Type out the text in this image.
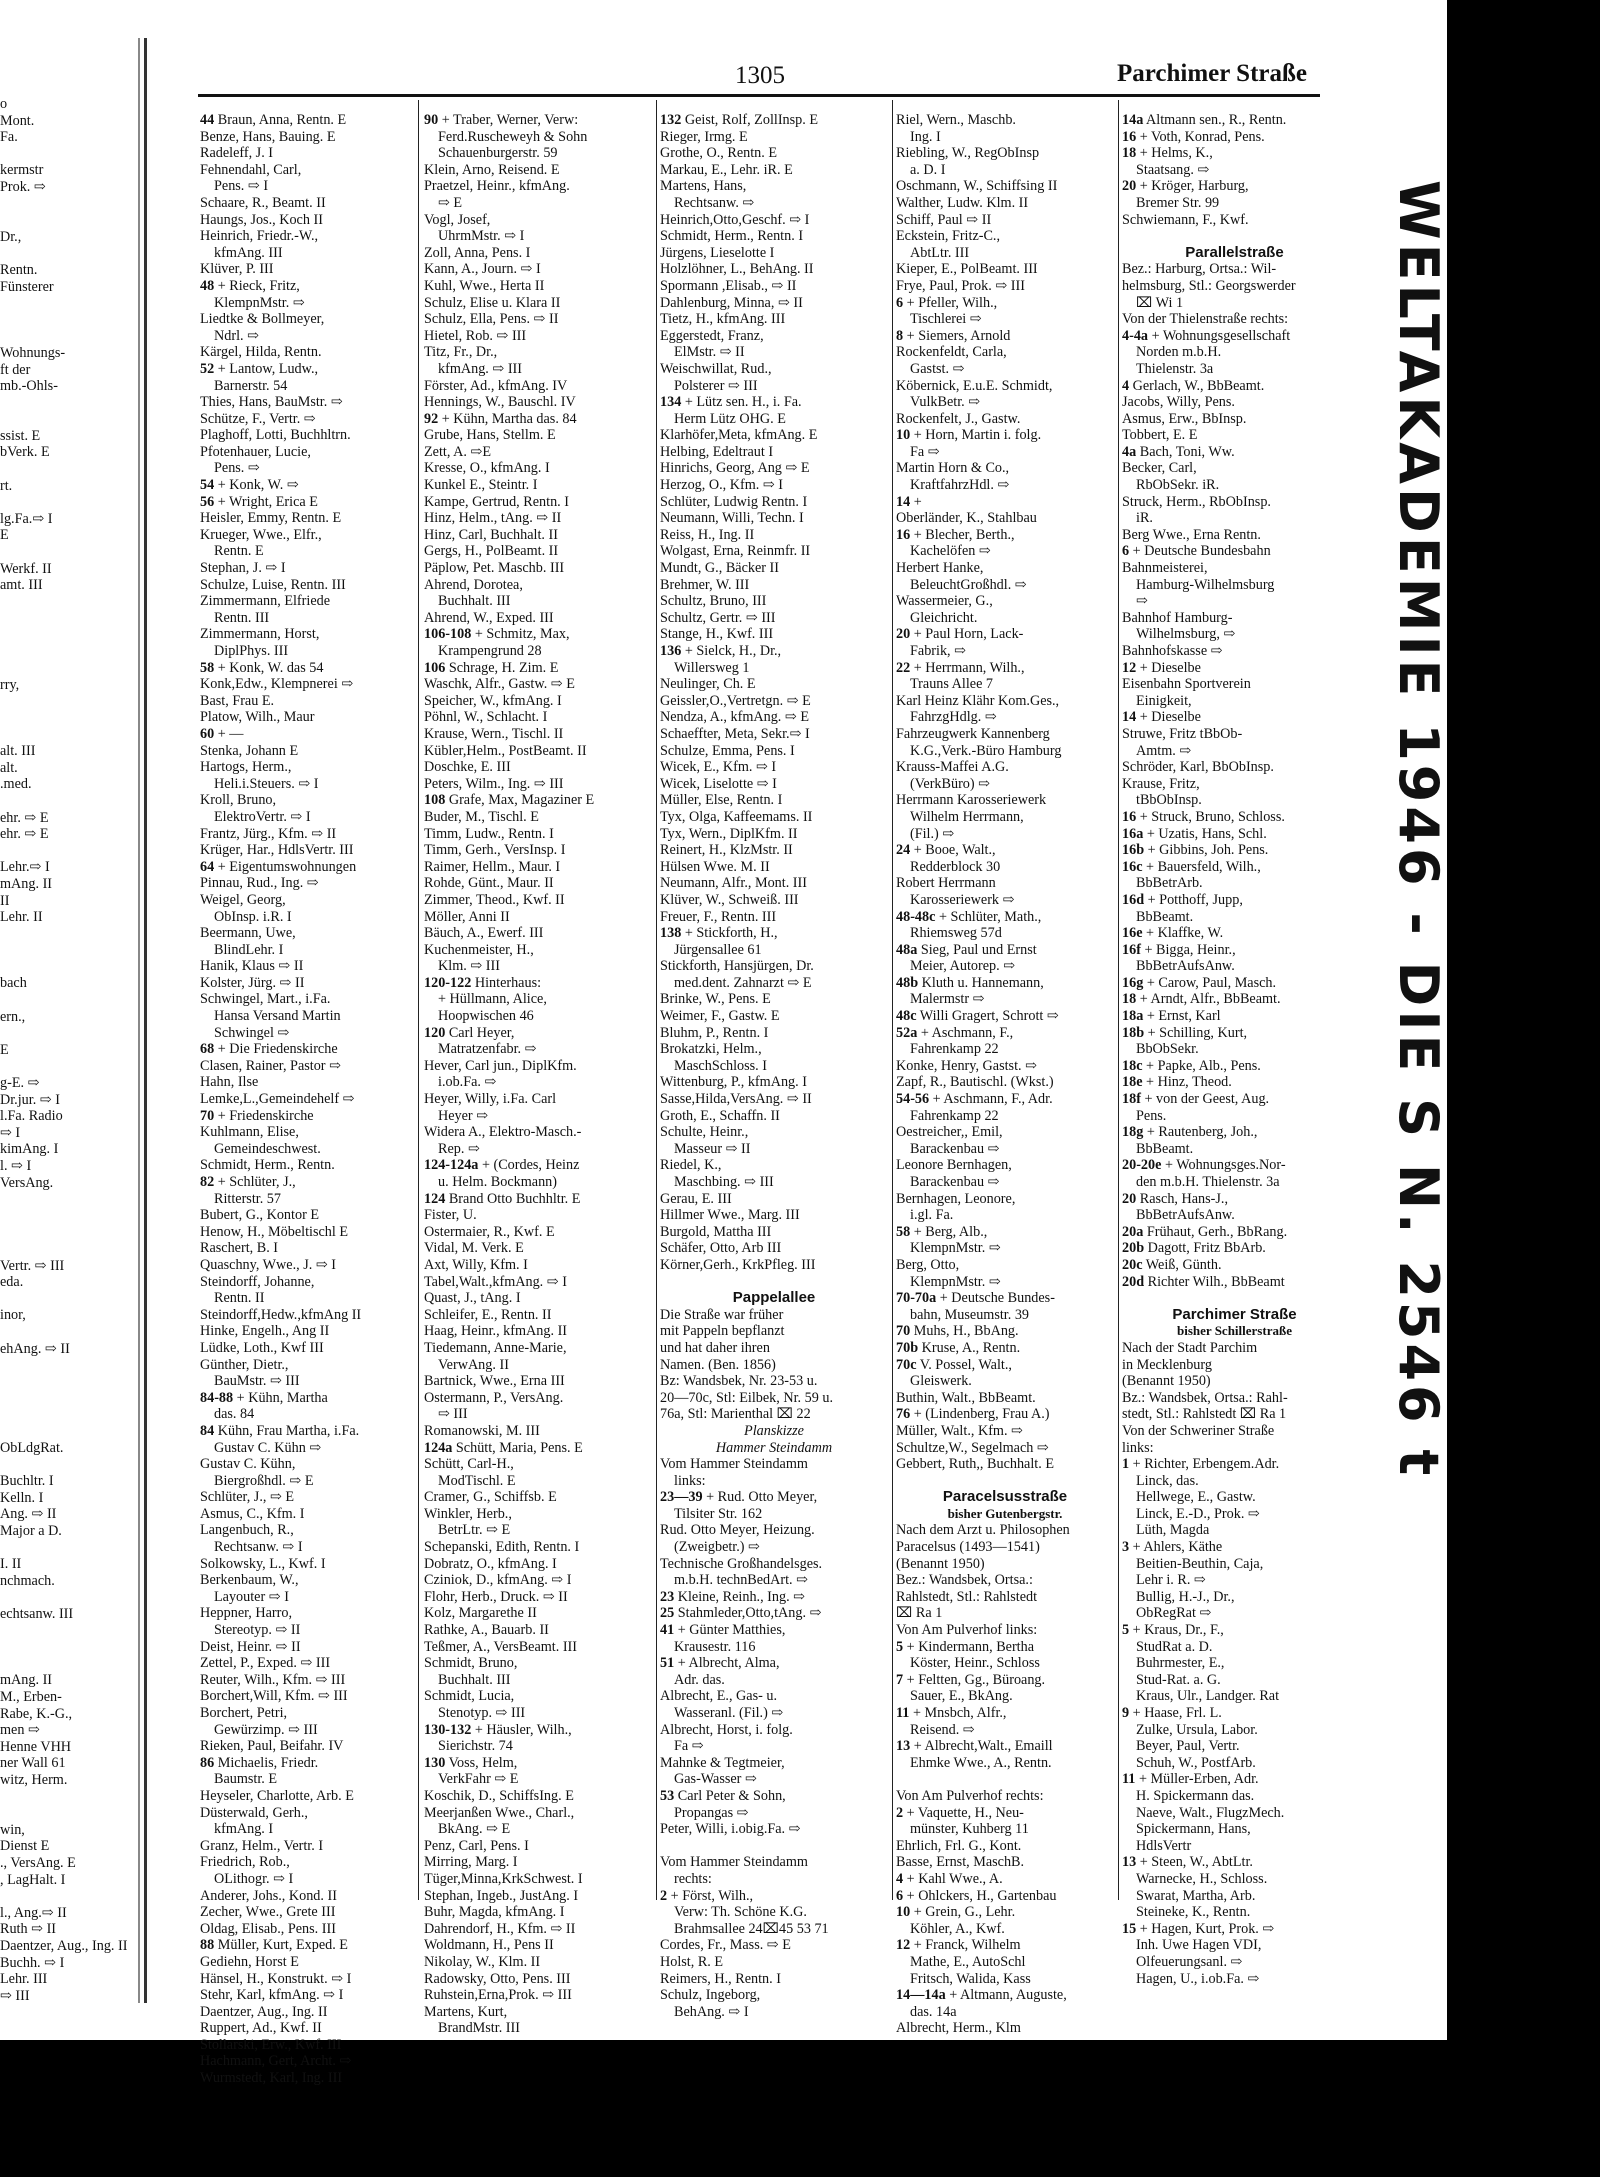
o
Mont.
Fa.
kermstr
Prok. ⇨
Dr.,
Rentn.
Fünsterer
Wohnungs-
ft der
mb.-Ohls-
ssist. E
bVerk. E
rt.
lg.Fa.⇨ I
E
Werkf. II
amt. III
rry,
alt. III
alt.
.med.
ehr. ⇨ E
ehr. ⇨ E
Lehr.⇨ I
mAng. II
II
Lehr. II
bach
ern.,
E
g-E. ⇨
Dr.jur. ⇨ I
l.Fa. Radio
⇨ I
kimAng. I
l. ⇨ I
VersAng.
Vertr. ⇨ III
eda.
inor,
ehAng. ⇨ II
ObLdgRat.
Buchltr. I
Kelln. I
Ang. ⇨ II
Major a D.
I. II
nchmach.
echtsanw. III
mAng. II
M., Erben-
Rabe, K.-G.,
men ⇨
Henne VHH
ner Wall 61
witz, Herm.
win,
Dienst E
., VersAng. E
, LagHalt. I
l., Ang.⇨ II
Ruth ⇨ II
Daentzer, Aug., Ing. II
Buchh. ⇨ I
Lehr. III
⇨ III
1305	Parchimer Straße
44 Braun, Anna, Rentn. E
Benze, Hans, Bauing. E
Radeleff, J. I
Fehnendahl, Carl,
Pens. ⇨ I
Schaare, R., Beamt. II
Haungs, Jos., Koch II
Heinrich, Friedr.-W.,
kfmAng. III
Klüver, P. III
48 + Rieck, Fritz,
KlempnMstr. ⇨
Liedtke & Bollmeyer,
Ndrl. ⇨
Kärgel, Hilda, Rentn.
52 + Lantow, Ludw.,
Barnerstr. 54
Thies, Hans, BauMstr. ⇨
Schütze, F., Vertr. ⇨
Plaghoff, Lotti, Buchhltrn.
Pfotenhauer, Lucie,
Pens. ⇨
54 + Konk, W. ⇨
56 + Wright, Erica E
Heisler, Emmy, Rentn. E
Krueger, Wwe., Elfr.,
Rentn. E
Stephan, J. ⇨ I
Schulze, Luise, Rentn. III
Zimmermann, Elfriede
Rentn. III
Zimmermann, Horst,
DiplPhys. III
58 + Konk, W. das 54
Konk,Edw., Klempnerei ⇨
Bast, Frau E.
Platow, Wilh., Maur
60 + —
Stenka, Johann E
Hartogs, Herm.,
Heli.i.Steuers. ⇨ I
Kroll, Bruno,
ElektroVertr. ⇨ I
Frantz, Jürg., Kfm. ⇨ II
Krüger, Har., HdlsVertr. III
64 + Eigentumswohnungen
Pinnau, Rud., Ing. ⇨
Weigel, Georg,
ObInsp. i.R. I
Beermann, Uwe,
BlindLehr. I
Hanik, Klaus ⇨ II
Kolster, Jürg. ⇨ II
Schwingel, Mart., i.Fa.
Hansa Versand Martin
Schwingel ⇨
68 + Die Friedenskirche
Clasen, Rainer, Pastor ⇨
Hahn, Ilse
Lemke,L.,Gemeindehelf ⇨
70 + Friedenskirche
Kuhlmann, Elise,
Gemeindeschwest.
Schmidt, Herm., Rentn.
82 + Schlüter, J.,
Ritterstr. 57
Bubert, G., Kontor E
Henow, H., Möbeltischl E
Raschert, B. I
Quaschny, Wwe., J. ⇨ I
Steindorff, Johanne,
Rentn. II
Steindorff,Hedw.,kfmAng II
Hinke, Engelh., Ang II
Lüdke, Loth., Kwf III
Günther, Dietr.,
BauMstr. ⇨ III
84-88 + Kühn, Martha
das. 84
84 Kühn, Frau Martha, i.Fa.
Gustav C. Kühn ⇨
Gustav C. Kühn,
Biergroßhdl. ⇨ E
Schlüter, J., ⇨ E
Asmus, C., Kfm. I
Langenbuch, R.,
Rechtsanw. ⇨ I
Solkowsky, L., Kwf. I
Berkenbaum, W.,
Layouter ⇨ I
Heppner, Harro,
Stereotyp. ⇨ II
Deist, Heinr. ⇨ II
Zettel, P., Exped. ⇨ III
Reuter, Wilh., Kfm. ⇨ III
Borchert,Will, Kfm. ⇨ III
Borchert, Petri,
Gewürzimp. ⇨ III
Rieken, Paul, Beifahr. IV
86 Michaelis, Friedr.
Baumstr. E
Heyseler, Charlotte, Arb. E
Düsterwald, Gerh.,
kfmAng. I
Granz, Helm., Vertr. I
Friedrich, Rob.,
OLithogr. ⇨ I
Anderer, Johs., Kond. II
Zecher, Wwe., Grete III
Oldag, Elisab., Pens. III
88 Müller, Kurt, Exped. E
Gediehn, Horst E
Hänsel, H., Konstrukt. ⇨ I
Stehr, Karl, kfmAng. ⇨ I
Daentzer, Aug., Ing. II
Ruppert, Ad., Kwf. II
Stollarski, Erw., Kwf. III
Hachmann, Gert, Archt. ⇨
Wurmstedt, Karl, Ing. III
90 + Traber, Werner, Verw:
Ferd.Ruscheweyh & Sohn
Schauenburgerstr. 59
Klein, Arno, Reisend. E
Praetzel, Heinr., kfmAng.
⇨ E
Vogl, Josef,
UhrmMstr. ⇨ I
Zoll, Anna, Pens. I
Kann, A., Journ. ⇨ I
Kuhl, Wwe., Herta II
Schulz, Elise u. Klara II
Schulz, Ella, Pens. ⇨ II
Hietel, Rob. ⇨ III
Titz, Fr., Dr.,
kfmAng. ⇨ III
Förster, Ad., kfmAng. IV
Hennings, W., Bauschl. IV
92 + Kühn, Martha das. 84
Grube, Hans, Stellm. E
Zett, A. ⇨E
Kresse, O., kfmAng. I
Kunkel E., Steintr. I
Kampe, Gertrud, Rentn. I
Hinz, Helm., tAng. ⇨ II
Hinz, Carl, Buchhalt. II
Gergs, H., PolBeamt. II
Päplow, Pet. Maschb. III
Ahrend, Dorotea,
Buchhalt. III
Ahrend, W., Exped. III
106-108 + Schmitz, Max,
Krampengrund 28
106 Schrage, H. Zim. E
Waschk, Alfr., Gastw. ⇨ E
Speicher, W., kfmAng. I
Pöhnl, W., Schlacht. I
Krause, Wern., Tischl. II
Kübler,Helm., PostBeamt. II
Doschke, E. III
Peters, Wilm., Ing. ⇨ III
108 Grafe, Max, Magaziner E
Buder, M., Tischl. E
Timm, Ludw., Rentn. I
Timm, Gerh., VersInsp. I
Raimer, Hellm., Maur. I
Rohde, Günt., Maur. II
Zimmer, Theod., Kwf. II
Möller, Anni II
Bäuch, A., Ewerf. III
Kuchenmeister, H.,
Klm. ⇨ III
120-122 Hinterhaus:
+ Hüllmann, Alice,
Hoopwischen 46
120 Carl Heyer,
Matratzenfabr. ⇨
Hever, Carl jun., DiplKfm.
i.ob.Fa. ⇨
Heyer, Willy, i.Fa. Carl
Heyer ⇨
Widera A., Elektro-Masch.-
Rep. ⇨
124-124a + (Cordes, Heinz
u. Helm. Bockmann)
124 Brand Otto Buchhltr. E
Fister, U.
Ostermaier, R., Kwf. E
Vidal, M. Verk. E
Axt, Willy, Kfm. I
Tabel,Walt.,kfmAng. ⇨ I
Quast, J., tAng. I
Schleifer, E., Rentn. II
Haag, Heinr., kfmAng. II
Tiedemann, Anne-Marie,
VerwAng. II
Bartnick, Wwe., Erna III
Ostermann, P., VersAng.
⇨ III
Romanowski, M. III
124a Schütt, Maria, Pens. E
Schütt, Carl-H.,
ModTischl. E
Cramer, G., Schiffsb. E
Winkler, Herb.,
BetrLtr. ⇨ E
Schepanski, Edith, Rentn. I
Dobratz, O., kfmAng. I
Cziniok, D., kfmAng. ⇨ I
Flohr, Herb., Druck. ⇨ II
Kolz, Margarethe II
Rathke, A., Bauarb. II
Teßmer, A., VersBeamt. III
Schmidt, Bruno,
Buchhalt. III
Schmidt, Lucia,
Stenotyp. ⇨ III
130-132 + Häusler, Wilh.,
Sierichstr. 74
130 Voss, Helm,
VerkFahr ⇨ E
Koschik, D., SchiffsIng. E
Meerjanßen Wwe., Charl.,
BkAng. ⇨ E
Penz, Carl, Pens. I
Mirring, Marg. I
Tüger,Minna,KrkSchwest. I
Stephan, Ingeb., JustAng. I
Buhr, Magda, kfmAng. I
Dahrendorf, H., Kfm. ⇨ II
Woldmann, H., Pens II
Nikolay, W., Klm. II
Radowsky, Otto, Pens. III
Ruhstein,Erna,Prok. ⇨ III
Martens, Kurt,
BrandMstr. III
132 Geist, Rolf, ZollInsp. E
Rieger, Irmg. E
Grothe, O., Rentn. E
Markau, E., Lehr. iR. E
Martens, Hans,
Rechtsanw. ⇨
Heinrich,Otto,Geschf. ⇨ I
Schmidt, Herm., Rentn. I
Jürgens, Lieselotte I
Holzlöhner, L., BehAng. II
Spormann ,Elisab., ⇨ II
Dahlenburg, Minna, ⇨ II
Tietz, H., kfmAng. III
Eggerstedt, Franz,
ElMstr. ⇨ II
Weischwillat, Rud.,
Polsterer ⇨ III
134 + Lütz sen. H., i. Fa.
Herm Lütz OHG. E
Klarhöfer,Meta, kfmAng. E
Helbing, Edeltraut I
Hinrichs, Georg, Ang ⇨ E
Herzog, O., Kfm. ⇨ I
Schlüter, Ludwig Rentn. I
Neumann, Willi, Techn. I
Reiss, H., Ing. II
Wolgast, Erna, Reinmfr. II
Mundt, G., Bäcker II
Brehmer, W. III
Schultz, Bruno, III
Schultz, Gertr. ⇨ III
Stange, H., Kwf. III
136 + Sielck, H., Dr.,
Willersweg 1
Neulinger, Ch. E
Geissler,O.,Vertretgn. ⇨ E
Nendza, A., kfmAng. ⇨ E
Schaeffter, Meta, Sekr.⇨ I
Schulze, Emma, Pens. I
Wicek, E., Kfm. ⇨ I
Wicek, Liselotte ⇨ I
Müller, Else, Rentn. I
Tyx, Olga, Kaffeemams. II
Tyx, Wern., DiplKfm. II
Reinert, H., KlzMstr. II
Hülsen Wwe. M. II
Neumann, Alfr., Mont. III
Klüver, W., Schweiß. III
Freuer, F., Rentn. III
138 + Stickforth, H.,
Jürgensallee 61
Stickforth, Hansjürgen, Dr.
med.dent. Zahnarzt ⇨ E
Brinke, W., Pens. E
Weimer, F., Gastw. E
Bluhm, P., Rentn. I
Brokatzki, Helm.,
MaschSchloss. I
Wittenburg, P., kfmAng. I
Sasse,Hilda,VersAng. ⇨ II
Groth, E., Schaffn. II
Schulte, Heinr.,
Masseur ⇨ II
Riedel, K.,
Maschbing. ⇨ III
Gerau, E. III
Hillmer Wwe., Marg. III
Burgold, Mattha III
Schäfer, Otto, Arb III
Körner,Gerh., KrkPfleg. III
Pappelallee
Die Straße war früher
mit Pappeln bepflanzt
und hat daher ihren
Namen. (Ben. 1856)
Bz: Wandsbek, Nr. 23-53 u.
20—70c, Stl: Eilbek, Nr. 59 u.
76a, Stl: Marienthal ⌧ 22
Planskizze
Hammer Steindamm
Vom Hammer Steindamm
links:
23—39 + Rud. Otto Meyer,
Tilsiter Str. 162
Rud. Otto Meyer, Heizung.
(Zweigbetr.) ⇨
Technische Großhandelsges.
m.b.H. technBedArt. ⇨
23 Kleine, Reinh., Ing. ⇨
25 Stahmleder,Otto,tAng. ⇨
41 + Günter Matthies,
Krausestr. 116
51 + Albrecht, Alma,
Adr. das.
Albrecht, E., Gas- u.
Wasseranl. (Fil.) ⇨
Albrecht, Horst, i. folg.
Fa ⇨
Mahnke & Tegtmeier,
Gas-Wasser ⇨
53 Carl Peter & Sohn,
Propangas ⇨
Peter, Willi, i.obig.Fa. ⇨
Vom Hammer Steindamm
rechts:
2 + Först, Wilh.,
Verw: Th. Schöne K.G.
Brahmsallee 24⌧45 53 71
Cordes, Fr., Mass. ⇨ E
Holst, R. E
Reimers, H., Rentn. I
Schulz, Ingeborg,
BehAng. ⇨ I
Riel, Wern., Maschb.
Ing. I
Riebling, W., RegObInsp
a. D. I
Oschmann, W., Schiffsing II
Walther, Ludw. Klm. II
Schiff, Paul ⇨ II
Eckstein, Fritz-C.,
AbtLtr. III
Kieper, E., PolBeamt. III
Frye, Paul, Prok. ⇨ III
6 + Pfeller, Wilh.,
Tischlerei ⇨
8 + Siemers, Arnold
Rockenfeldt, Carla,
Gastst. ⇨
Köbernick, E.u.E. Schmidt,
VulkBetr. ⇨
Rockenfelt, J., Gastw.
10 + Horn, Martin i. folg.
Fa ⇨
Martin Horn & Co.,
KraftfahrzHdl. ⇨
14 +
Oberländer, K., Stahlbau
16 + Blecher, Berth.,
Kachelöfen ⇨
Herbert Hanke,
BeleuchtGroßhdl. ⇨
Wassermeier, G.,
Gleichricht.
20 + Paul Horn, Lack-
Fabrik, ⇨
22 + Herrmann, Wilh.,
Trauns Allee 7
Karl Heinz Klähr Kom.Ges.,
FahrzgHdlg. ⇨
Fahrzeugwerk Kannenberg
K.G.,Verk.-Büro Hamburg
Krauss-Maffei A.G.
(VerkBüro) ⇨
Herrmann Karosseriewerk
Wilhelm Herrmann,
(Fil.) ⇨
24 + Booe, Walt.,
Redderblock 30
Robert Herrmann
Karosseriewerk ⇨
48-48c + Schlüter, Math.,
Rhiemsweg 57d
48a Sieg, Paul und Ernst
Meier, Autorep. ⇨
48b Kluth u. Hannemann,
Malermstr ⇨
48c Willi Gragert, Schrott ⇨
52a + Aschmann, F.,
Fahrenkamp 22
Konke, Henry, Gastst. ⇨
Zapf, R., Bautischl. (Wkst.)
54-56 + Aschmann, F., Adr.
Fahrenkamp 22
Oestreicher,, Emil,
Barackenbau ⇨
Leonore Bernhagen,
Barackenbau ⇨
Bernhagen, Leonore,
i.gl. Fa.
58 + Berg, Alb.,
KlempnMstr. ⇨
Berg, Otto,
KlempnMstr. ⇨
70-70a + Deutsche Bundes-
bahn, Museumstr. 39
70 Muhs, H., BbAng.
70b Kruse, A., Rentn.
70c V. Possel, Walt.,
Gleiswerk.
Buthin, Walt., BbBeamt.
76 + (Lindenberg, Frau A.)
Müller, Walt., Kfm. ⇨
Schultze,W., Segelmach ⇨
Gebbert, Ruth,, Buchhalt. E
Paracelsusstraße
bisher Gutenbergstr.
Nach dem Arzt u. Philosophen
Paracelsus (1493—1541)
(Benannt 1950)
Bez.: Wandsbek, Ortsa.:
Rahlstedt, Stl.: Rahlstedt
⌧ Ra 1
Von Am Pulverhof links:
5 + Kindermann, Bertha
Köster, Heinr., Schloss
7 + Feltten, Gg., Büroang.
Sauer, E., BkAng.
11 + Mnsbch, Alfr.,
Reisend. ⇨
13 + Albrecht,Walt., Emaill
Ehmke Wwe., A., Rentn.
Von Am Pulverhof rechts:
2 + Vaquette, H., Neu-
münster, Kuhberg 11
Ehrlich, Frl. G., Kont.
Basse, Ernst, MaschB.
4 + Kahl Wwe., A.
6 + Ohlckers, H., Gartenbau
10 + Grein, G., Lehr.
Köhler, A., Kwf.
12 + Franck, Wilhelm
Mathe, E., AutoSchl
Fritsch, Walida, Kass
14—14a + Altmann, Auguste,
das. 14a
Albrecht, Herm., Klm
14a Altmann sen., R., Rentn.
16 + Voth, Konrad, Pens.
18 + Helms, K.,
Staatsang. ⇨
20 + Kröger, Harburg,
Bremer Str. 99
Schwiemann, F., Kwf.
Parallelstraße
Bez.: Harburg, Ortsa.: Wil-
helmsburg, Stl.: Georgswerder
⌧ Wi 1
Von der Thielenstraße rechts:
4-4a + Wohnungsgesellschaft
Norden m.b.H.
Thielenstr. 3a
4 Gerlach, W., BbBeamt.
Jacobs, Willy, Pens.
Asmus, Erw., BbInsp.
Tobbert, E. E
4a Bach, Toni, Ww.
Becker, Carl,
RbObSekr. iR.
Struck, Herm., RbObInsp.
iR.
Berg Wwe., Erna Rentn.
6 + Deutsche Bundesbahn
Bahnmeisterei,
Hamburg-Wilhelmsburg
⇨
Bahnhof Hamburg-
Wilhelmsburg, ⇨
Bahnhofskasse ⇨
12 + Dieselbe
Eisenbahn Sportverein
Einigkeit,
14 + Dieselbe
Struwe, Fritz tBbOb-
Amtm. ⇨
Schröder, Karl, BbObInsp.
Krause, Fritz,
tBbObInsp.
16 + Struck, Bruno, Schloss.
16a + Uzatis, Hans, Schl.
16b + Gibbins, Joh. Pens.
16c + Bauersfeld, Wilh.,
BbBetrArb.
16d + Potthoff, Jupp,
BbBeamt.
16e + Klaffke, W.
16f + Bigga, Heinr.,
BbBetrAufsAnw.
16g + Carow, Paul, Masch.
18 + Arndt, Alfr., BbBeamt.
18a + Ernst, Karl
18b + Schilling, Kurt,
BbObSekr.
18c + Papke, Alb., Pens.
18e + Hinz, Theod.
18f + von der Geest, Aug.
Pens.
18g + Rautenberg, Joh.,
BbBeamt.
20-20e + Wohnungsges.Nor-
den m.b.H. Thielenstr. 3a
20 Rasch, Hans-J.,
BbBetrAufsAnw.
20a Frühaut, Gerh., BbRang.
20b Dagott, Fritz BbArb.
20c Weiß, Günth.
20d Richter Wilh., BbBeamt
Parchimer Straße
bisher Schillerstraße
Nach der Stadt Parchim
in Mecklenburg
(Benannt 1950)
Bz.: Wandsbek, Ortsa.: Rahl-
stedt, Stl.: Rahlstedt ⌧ Ra 1
Von der Schweriner Straße
links:
1 + Richter, Erbengem.Adr.
Linck, das.
Hellwege, E., Gastw.
Linck, E.-D., Prok. ⇨
Lüth, Magda
3 + Ahlers, Käthe
Beitien-Beuthin, Caja,
Lehr i. R. ⇨
Bullig, H.-J., Dr.,
ObRegRat ⇨
5 + Kraus, Dr., F.,
StudRat a. D.
Buhrmester, E.,
Stud-Rat. a. G.
Kraus, Ulr., Landger. Rat
9 + Haase, Frl. L.
Zulke, Ursula, Labor.
Beyer, Paul, Vertr.
Schuh, W., PostfArb.
11 + Müller-Erben, Adr.
H. Spickermann das.
Naeve, Walt., FlugzMech.
Spickermann, Hans,
HdlsVertr
13 + Steen, W., AbtLtr.
Warnecke, H., Schloss.
Swarat, Martha, Arb.
Steineke, K., Rentn.
15 + Hagen, Kurt, Prok. ⇨
Inh. Uwe Hagen VDI,
Olfeuerungsanl. ⇨
Hagen, U., i.ob.Fa. ⇨
WELTAKADEMIE 1946 - DIE S N. 2546 t
